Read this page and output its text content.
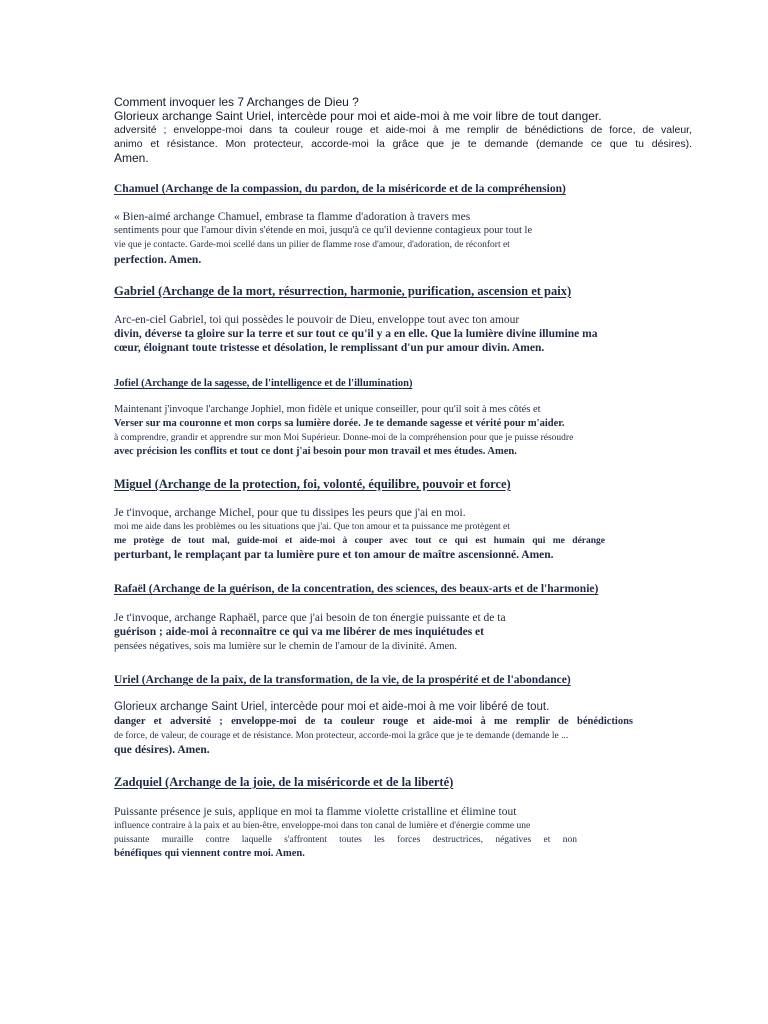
Comment invoquer les 7 Archanges de Dieu ?
Glorieux archange Saint Uriel, intercède pour moi et aide-moi à me voir libre de tout danger.
adversité ; enveloppe-moi dans ta couleur rouge et aide-moi à me remplir de bénédictions de force, de valeur,
animo et résistance. Mon protecteur, accorde-moi la grâce que je te demande (demande ce que tu désires).
Amen.
Chamuel (Archange de la compassion, du pardon, de la miséricorde et de la compréhension)
« Bien-aimé archange Chamuel, embrase ta flamme d'adoration à travers mes
sentiments pour que l'amour divin s'étende en moi, jusqu'à ce qu'il devienne contagieux pour tout le
vie que je contacte. Garde-moi scellé dans un pilier de flamme rose d'amour, d'adoration, de réconfort et
perfection. Amen.
Gabriel (Archange de la mort, résurrection, harmonie, purification, ascension et paix)
Arc-en-ciel Gabriel, toi qui possèdes le pouvoir de Dieu, enveloppe tout avec ton amour
divin, déverse ta gloire sur la terre et sur tout ce qu'il y a en elle. Que la lumière divine illumine ma
cœur, éloignant toute tristesse et désolation, le remplissant d'un pur amour divin. Amen.
Jofiel (Archange de la sagesse, de l'intelligence et de l'illumination)
Maintenant j'invoque l'archange Jophiel, mon fidèle et unique conseiller, pour qu'il soit à mes côtés et
Verser sur ma couronne et mon corps sa lumière dorée. Je te demande sagesse et vérité pour m'aider.
à comprendre, grandir et apprendre sur mon Moi Supérieur. Donne-moi de la compréhension pour que je puisse résoudre
avec précision les conflits et tout ce dont j'ai besoin pour mon travail et mes études. Amen.
Miguel (Archange de la protection, foi, volonté, équilibre, pouvoir et force)
Je t'invoque, archange Michel, pour que tu dissipes les peurs que j'ai en moi.
moi me aide dans les problèmes ou les situations que j'ai. Que ton amour et ta puissance me protègent et
me protège de tout mal, guide-moi et aide-moi à couper avec tout ce qui est humain qui me dérange
perturbant, le remplaçant par ta lumière pure et ton amour de maître ascensionné. Amen.
Rafaël (Archange de la guérison, de la concentration, des sciences, des beaux-arts et de l'harmonie)
Je t'invoque, archange Raphaël, parce que j'ai besoin de ton énergie puissante et de ta
guérison ; aide-moi à reconnaître ce qui va me libérer de mes inquiétudes et
pensées négatives, sois ma lumière sur le chemin de l'amour de la divinité. Amen.
Uriel (Archange de la paix, de la transformation, de la vie, de la prospérité et de l'abondance)
Glorieux archange Saint Uriel, intercède pour moi et aide-moi à me voir libéré de tout.
danger et adversité ; enveloppe-moi de ta couleur rouge et aide-moi à me remplir de bénédictions
de force, de valeur, de courage et de résistance. Mon protecteur, accorde-moi la grâce que je te demande (demande le ...
que désires). Amen.
Zadquiel (Archange de la joie, de la miséricorde et de la liberté)
Puissante présence je suis, applique en moi ta flamme violette cristalline et élimine tout
influence contraire à la paix et au bien-être, enveloppe-moi dans ton canal de lumière et d'énergie comme une
puissante muraille contre laquelle s'affrontent toutes les forces destructrices, négatives et non
bénéfiques qui viennent contre moi. Amen.
